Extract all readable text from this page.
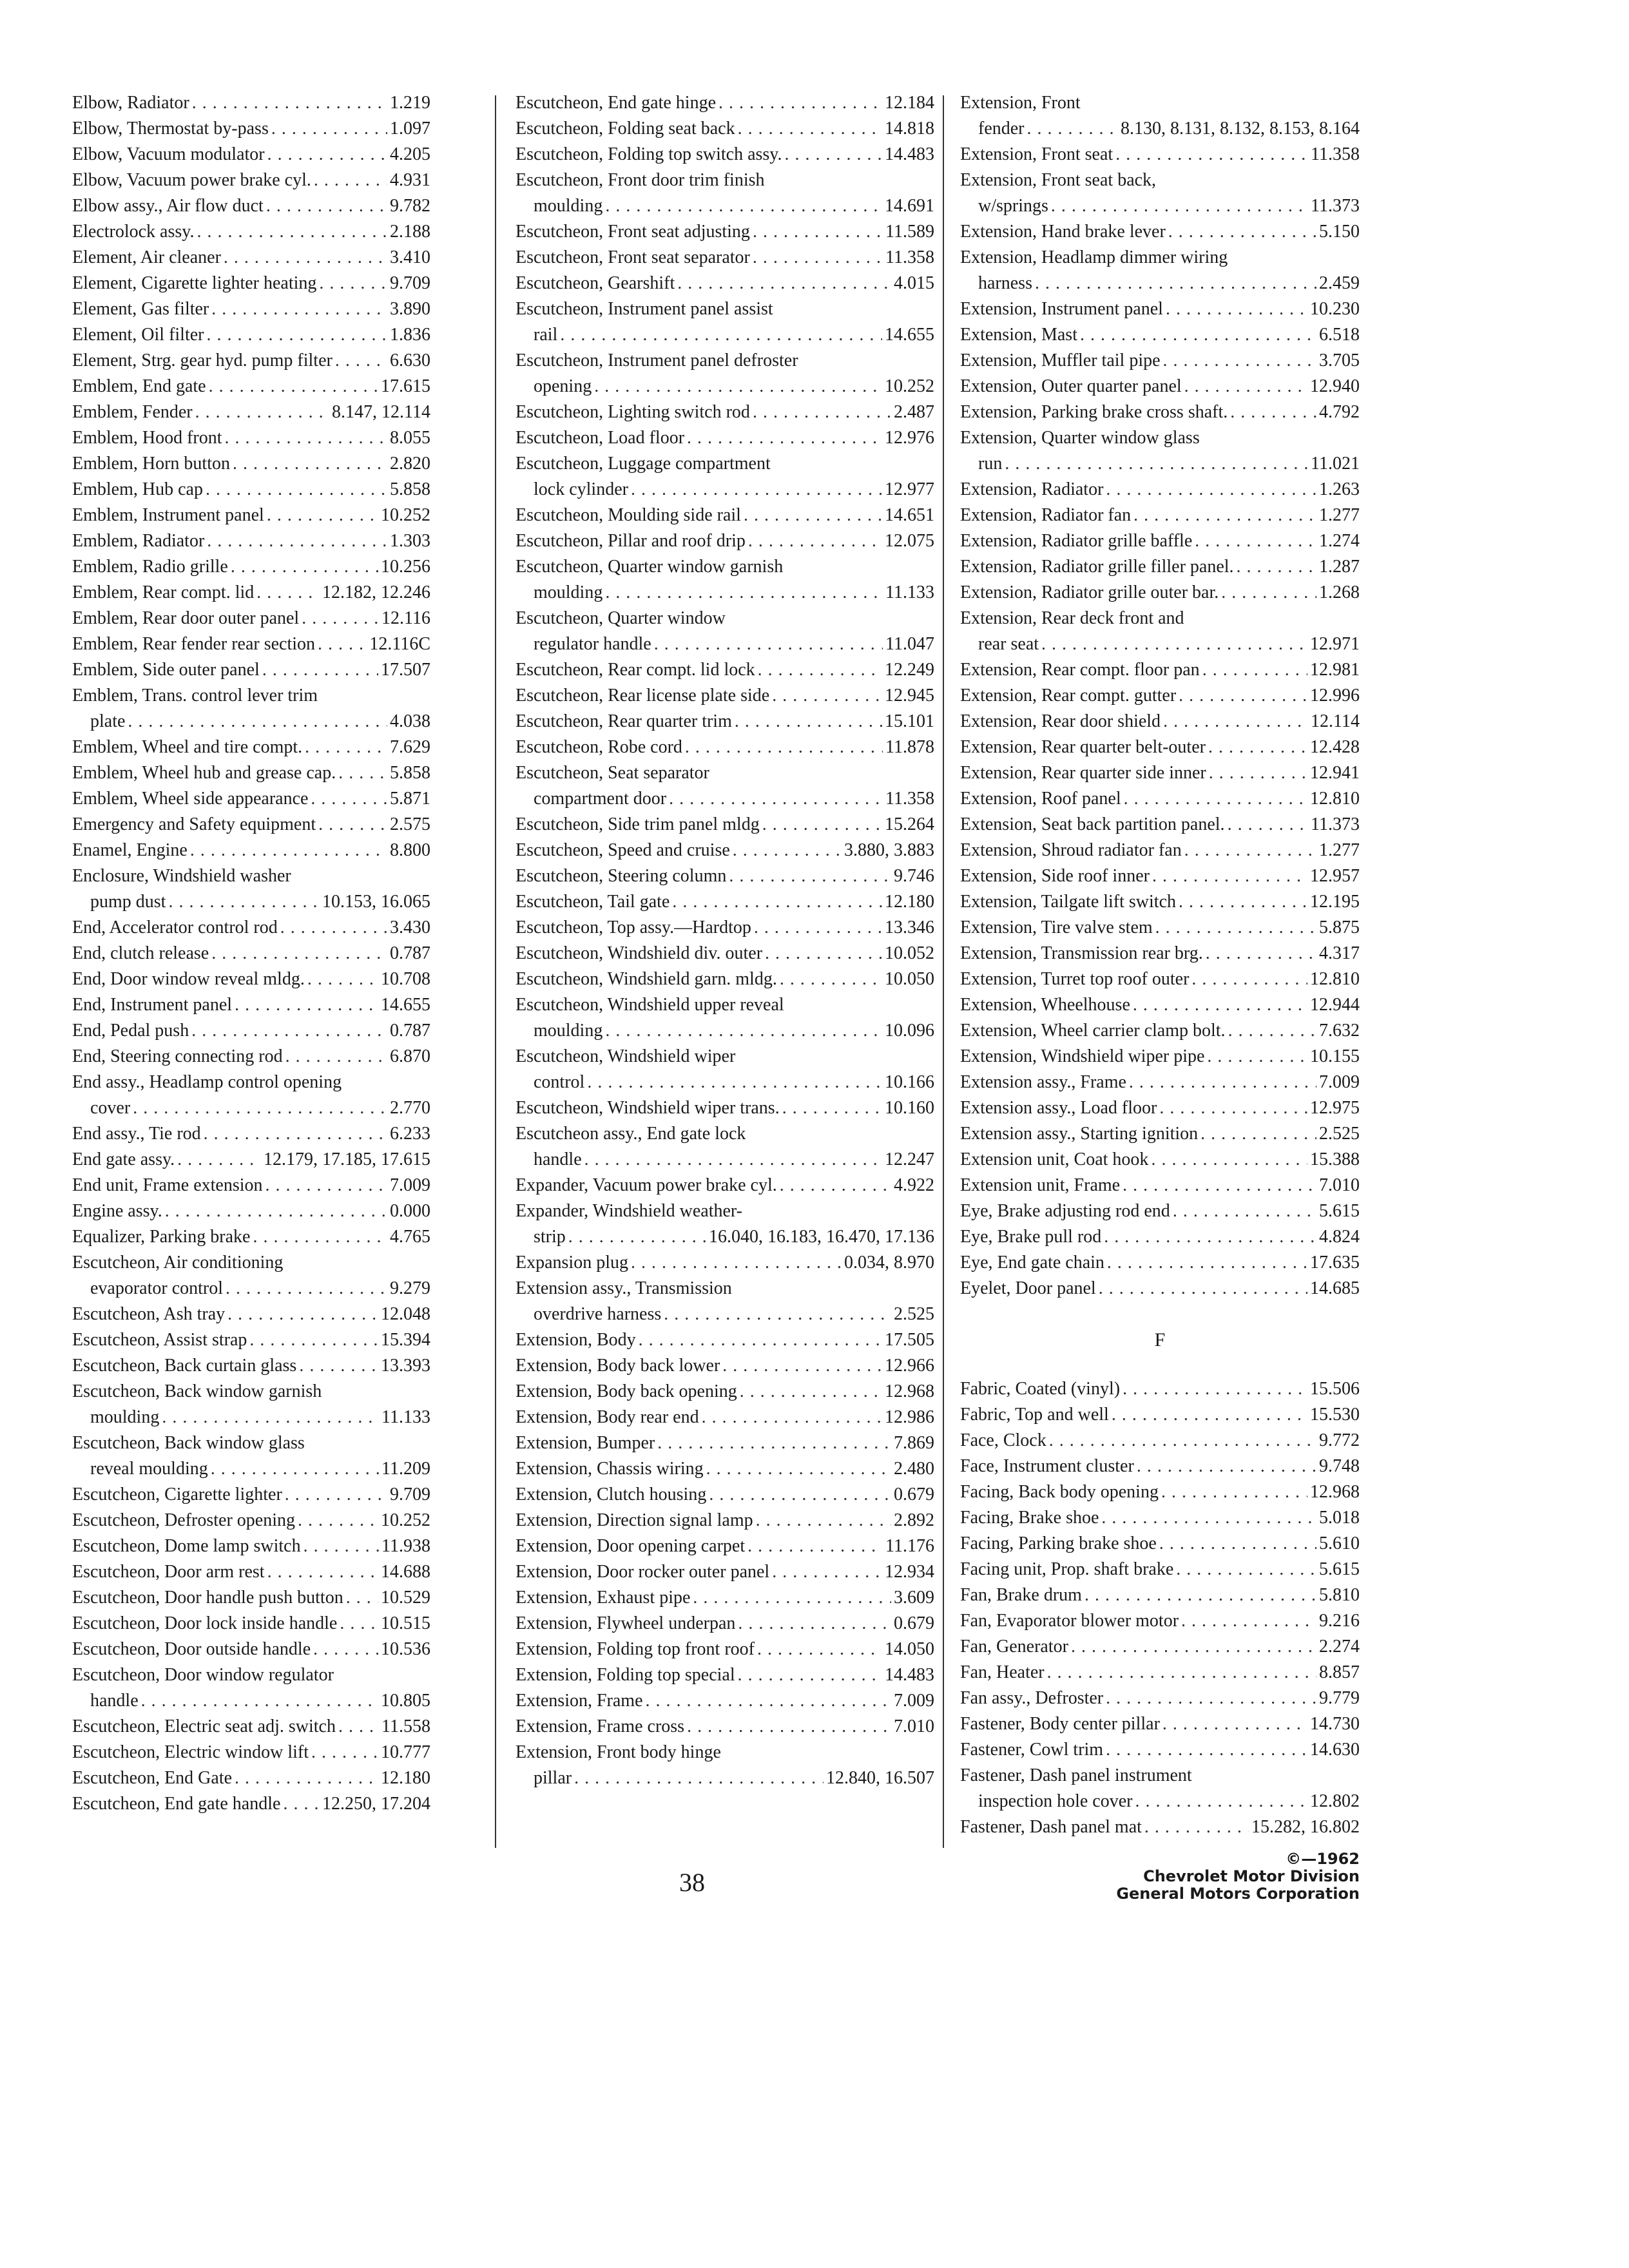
Elbow, Radiator . . .	1.219
Elbow, Thermostat by-pass . . .	1.097
Elbow, Vacuum modulator . . .	4.205
Elbow, Vacuum power brake cyl. . . .	4.931
Elbow assy., Air flow duct . . .	9.782
Electrolock assy. . . .	2.188
Element, Air cleaner . . .	3.410
Element, Cigarette lighter heating . . .	9.709
Element, Gas filter . . .	3.890
Element, Oil filter . . .	1.836
Element, Strg. gear hyd. pump filter . . .	6.630
Emblem, End gate . . .	17.615
Emblem, Fender . . .	8.147, 12.114
Emblem, Hood front . . .	8.055
Emblem, Horn button . . .	2.820
Emblem, Hub cap . . .	5.858
Emblem, Instrument panel . . .	10.252
Emblem, Radiator . . .	1.303
Emblem, Radio grille . . .	10.256
Emblem, Rear compt. lid . . .	12.182, 12.246
Emblem, Rear door outer panel . . .	12.116
Emblem, Rear fender rear section . . .	12.116C
Emblem, Side outer panel . . .	17.507
Emblem, Trans. control lever trim
plate . . .	4.038
Emblem, Wheel and tire compt. . . .	7.629
Emblem, Wheel hub and grease cap. . . .	5.858
Emblem, Wheel side appearance . . .	5.871
Emergency and Safety equipment . . .	2.575
Enamel, Engine . . .	8.800
Enclosure, Windshield washer
pump dust . . .	10.153, 16.065
End, Accelerator control rod . . .	3.430
End, clutch release . . .	0.787
End, Door window reveal mldg. . . .	10.708
End, Instrument panel . . .	14.655
End, Pedal push . . .	0.787
End, Steering connecting rod . . .	6.870
End assy., Headlamp control opening
cover . . .	2.770
End assy., Tie rod . . .	6.233
End gate assy. . . .	12.179, 17.185, 17.615
End unit, Frame extension . . .	7.009
Engine assy. . . .	0.000
Equalizer, Parking brake . . .	4.765
Escutcheon, Air conditioning
evaporator control . . .	9.279
Escutcheon, Ash tray . . .	12.048
Escutcheon, Assist strap . . .	15.394
Escutcheon, Back curtain glass . . .	13.393
Escutcheon, Back window garnish
moulding . . .	11.133
Escutcheon, Back window glass
reveal moulding . . .	11.209
Escutcheon, Cigarette lighter . . .	9.709
Escutcheon, Defroster opening . . .	10.252
Escutcheon, Dome lamp switch . . .	11.938
Escutcheon, Door arm rest . . .	14.688
Escutcheon, Door handle push button . . . 10.529
Escutcheon, Door lock inside handle . . . 10.515
Escutcheon, Door outside handle . . .	10.536
Escutcheon, Door window regulator
handle . . .	10.805
Escutcheon, Electric seat adj. switch . . .	11.558
Escutcheon, Electric window lift . . .	10.777
Escutcheon, End Gate . . .	12.180
Escutcheon, End gate handle . . . 12.250, 17.204
Escutcheon, End gate hinge . . .	12.184
Escutcheon, Folding seat back . . .	14.818
Escutcheon, Folding top switch assy. . . .	14.483
Escutcheon, Front door trim finish
moulding . . .	14.691
Escutcheon, Front seat adjusting . . .	11.589
Escutcheon, Front seat separator . . .	11.358
Escutcheon, Gearshift . . .	4.015
Escutcheon, Instrument panel assist
rail . . .	14.655
Escutcheon, Instrument panel defroster
opening . . .	10.252
Escutcheon, Lighting switch rod . . .	2.487
Escutcheon, Load floor . . .	12.976
Escutcheon, Luggage compartment
lock cylinder . . .	12.977
Escutcheon, Moulding side rail . . .	14.651
Escutcheon, Pillar and roof drip . . .	12.075
Escutcheon, Quarter window garnish
moulding . . .	11.133
Escutcheon, Quarter window
regulator handle . . .	11.047
Escutcheon, Rear compt. lid lock . . .	12.249
Escutcheon, Rear license plate side . . .	12.945
Escutcheon, Rear quarter trim . . .	15.101
Escutcheon, Robe cord . . .	11.878
Escutcheon, Seat separator
compartment door . . .	11.358
Escutcheon, Side trim panel mldg . . .	15.264
Escutcheon, Speed and cruise . . .	3.880, 3.883
Escutcheon, Steering column . . .	9.746
Escutcheon, Tail gate . . .	12.180
Escutcheon, Top assy.—Hardtop . . .	13.346
Escutcheon, Windshield div. outer . . .	10.052
Escutcheon, Windshield garn. mldg. . . .	10.050
Escutcheon, Windshield upper reveal
moulding . . .	10.096
Escutcheon, Windshield wiper
control . . .	10.166
Escutcheon, Windshield wiper trans. . . .	10.160
Escutcheon assy., End gate lock
handle . . .	12.247
Expander, Vacuum power brake cyl. . . .	4.922
Expander, Windshield weather-
strip . . .	16.040, 16.183, 16.470, 17.136
Expansion plug . . .	0.034, 8.970
Extension assy., Transmission
overdrive harness . . .	2.525
Extension, Body . . .	17.505
Extension, Body back lower . . .	12.966
Extension, Body back opening . . .	12.968
Extension, Body rear end . . .	12.986
Extension, Bumper . . .	7.869
Extension, Chassis wiring . . .	2.480
Extension, Clutch housing . . .	0.679
Extension, Direction signal lamp . . .	2.892
Extension, Door opening carpet . . .	11.176
Extension, Door rocker outer panel . . .	12.934
Extension, Exhaust pipe . . .	3.609
Extension, Flywheel underpan . . .	0.679
Extension, Folding top front roof . . .	14.050
Extension, Folding top special . . .	14.483
Extension, Frame . . .	7.009
Extension, Frame cross . . .	7.010
Extension, Front body hinge
pillar . . .	12.840, 16.507
Extension, Front
fender . . .	8.130, 8.131, 8.132, 8.153, 8.164
Extension, Front seat . . .	11.358
Extension, Front seat back,
w/springs . . .	11.373
Extension, Hand brake lever . . .	5.150
Extension, Headlamp dimmer wiring
harness . . .	2.459
Extension, Instrument panel . . .	10.230
Extension, Mast . . .	6.518
Extension, Muffler tail pipe . . .	3.705
Extension, Outer quarter panel . . .	12.940
Extension, Parking brake cross shaft. . . .	4.792
Extension, Quarter window glass
run . . .	11.021
Extension, Radiator . . .	1.263
Extension, Radiator fan . . .	1.277
Extension, Radiator grille baffle . . .	1.274
Extension, Radiator grille filler panel. . . .	1.287
Extension, Radiator grille outer bar. . . .	1.268
Extension, Rear deck front and
rear seat . . .	12.971
Extension, Rear compt. floor pan . . .	12.981
Extension, Rear compt. gutter . . .	12.996
Extension, Rear door shield . . .	12.114
Extension, Rear quarter belt-outer . . .	12.428
Extension, Rear quarter side inner . . .	12.941
Extension, Roof panel . . .	12.810
Extension, Seat back partition panel. . . .	11.373
Extension, Shroud radiator fan . . .	1.277
Extension, Side roof inner . . .	12.957
Extension, Tailgate lift switch . . .	12.195
Extension, Tire valve stem . . .	5.875
Extension, Transmission rear brg. . . .	4.317
Extension, Turret top roof outer . . .	12.810
Extension, Wheelhouse . . .	12.944
Extension, Wheel carrier clamp bolt. . . .	7.632
Extension, Windshield wiper pipe . . .	10.155
Extension assy., Frame . . .	7.009
Extension assy., Load floor . . .	12.975
Extension assy., Starting ignition . . .	2.525
Extension unit, Coat hook . . .	15.388
Extension unit, Frame . . .	7.010
Eye, Brake adjusting rod end . . .	5.615
Eye, Brake pull rod . . .	4.824
Eye, End gate chain . . .	17.635
Eyelet, Door panel . . .	14.685
F
Fabric, Coated (vinyl) . . .	15.506
Fabric, Top and well . . .	15.530
Face, Clock . . .	9.772
Face, Instrument cluster . . .	9.748
Facing, Back body opening . . .	12.968
Facing, Brake shoe . . .	5.018
Facing, Parking brake shoe . . .	5.610
Facing unit, Prop. shaft brake . . .	5.615
Fan, Brake drum . . .	5.810
Fan, Evaporator blower motor . . .	9.216
Fan, Generator . . .	2.274
Fan, Heater . . .	8.857
Fan assy., Defroster . . .	9.779
Fastener, Body center pillar . . .	14.730
Fastener, Cowl trim . . .	14.630
Fastener, Dash panel instrument
inspection hole cover . . .	12.802
Fastener, Dash panel mat . . .	15.282, 16.802
38
©—1962
Chevrolet Motor Division
General Motors Corporation
